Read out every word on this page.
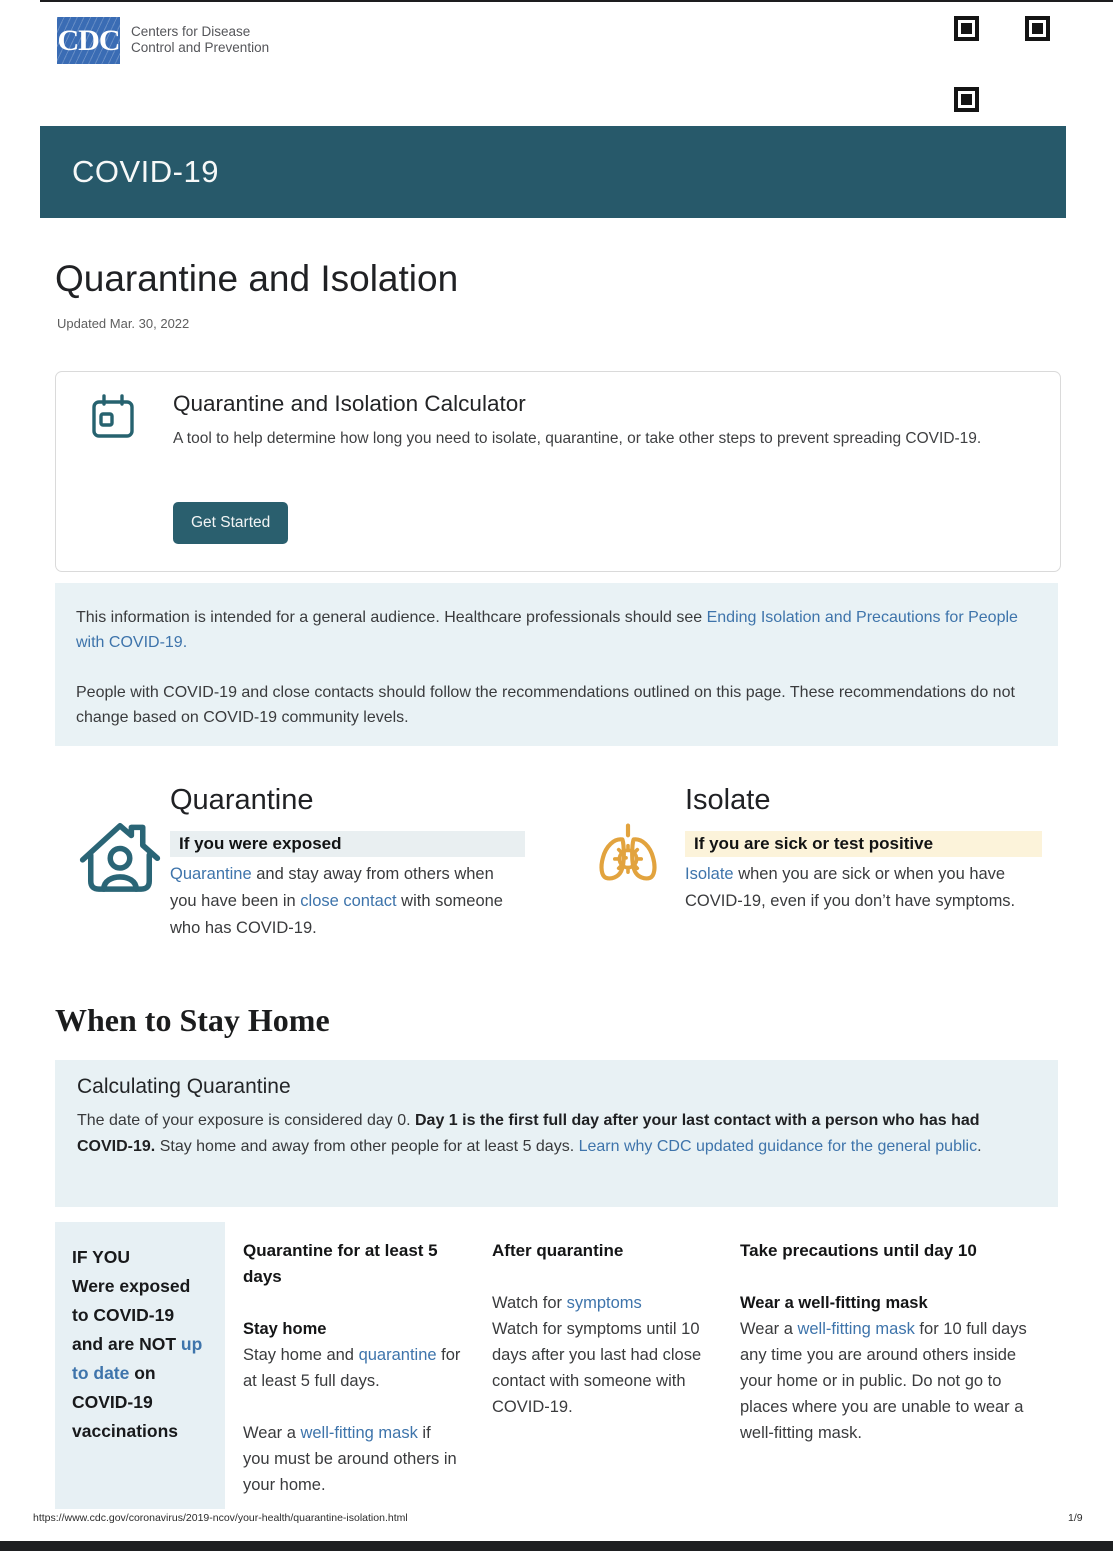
CDC Centers for Disease
Control and Prevention
COVID-19
Quarantine and Isolation
Updated Mar. 30, 2022
Quarantine and Isolation Calculator
A tool to help determine how long you need to isolate, quarantine, or take other steps to prevent spreading COVID-19.
Get Started

This information is intended for a general audience. Healthcare professionals should see Ending Isolation and Precautions for People with COVID-19.

People with COVID-19 and close contacts should follow the recommendations outlined on this page. These recommendations do not change based on COVID-19 community levels.

Quarantine
If you were exposed
Quarantine and stay away from others when you have been in close contact with someone who has COVID-19.
Isolate
If you are sick or test positive
Isolate when you are sick or when you have COVID-19, even if you don’t have symptoms.
When to Stay Home

Calculating Quarantine

The date of your exposure is considered day 0. Day 1 is the first full day after your last contact with a person who has had COVID-19. Stay home and away from other people for at least 5 days. Learn why CDC updated guidance for the general public.

IF YOU
Were exposed to COVID-19 and are NOT up to date on COVID-19 vaccinations
Quarantine for at least 5 days
Stay home

Stay home and quarantine for at least 5 full days.

Wear a well-fitting mask if you must be around others in your home.

After quarantine

Watch for symptoms

Watch for symptoms until 10 days after you last had close contact with someone with COVID-19.

Take precautions until day 10
Wear a well-fitting mask

Wear a well-fitting mask for 10 full days any time you are around others inside your home or in public. Do not go to places where you are unable to wear a well-fitting mask.

https://www.cdc.gov/coronavirus/2019-ncov/your-health/quarantine-isolation.html	1/9
